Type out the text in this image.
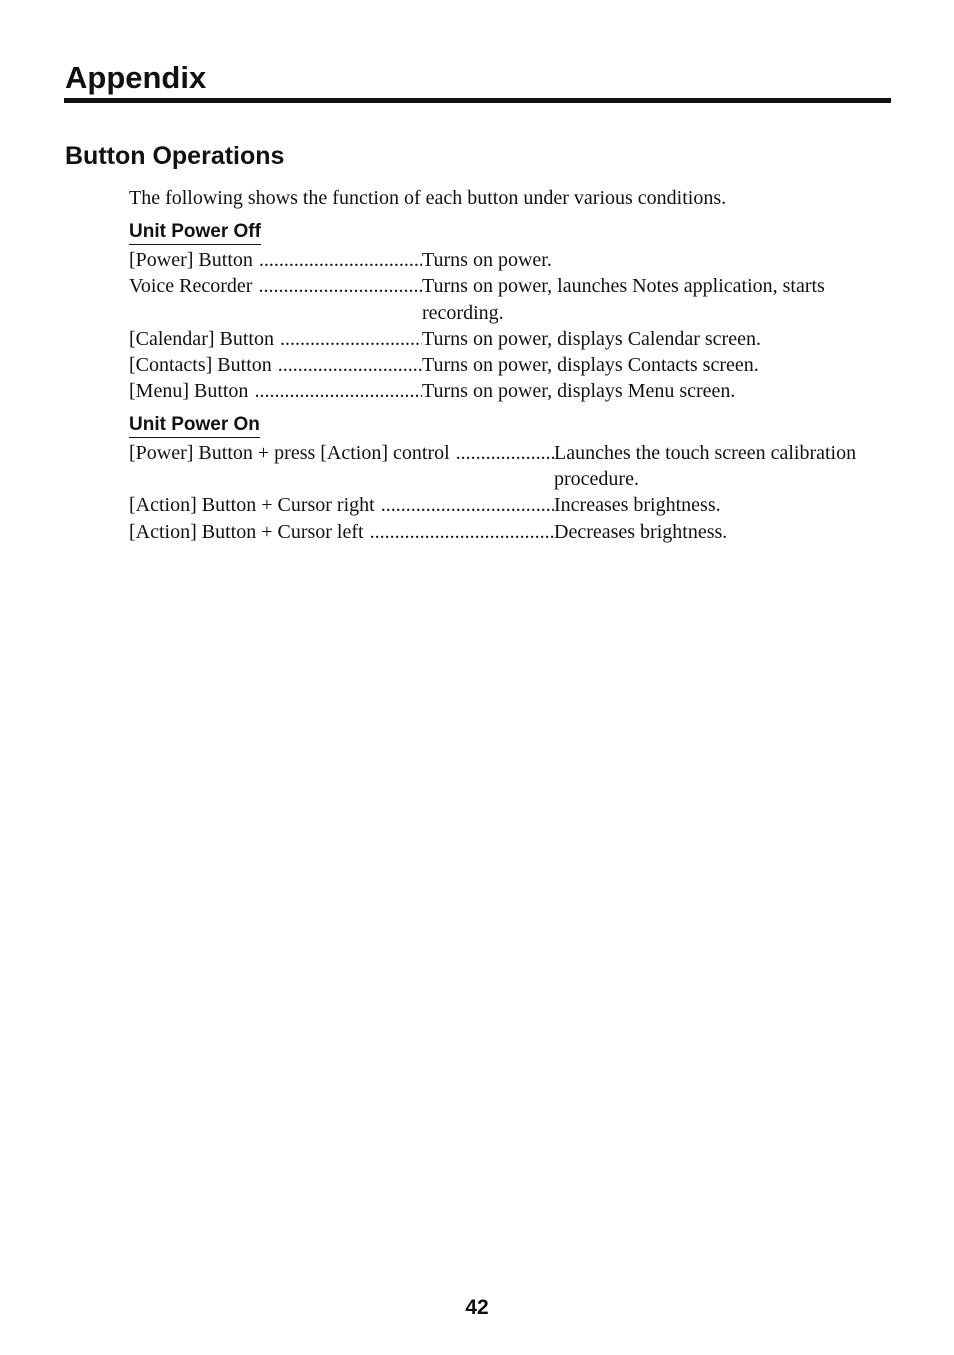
Appendix
Button Operations

The following shows the function of each button under various conditions.

Unit Power Off
[Power] Button .....	Turns on power.
Voice Recorder .....	Turns on power, launches Notes application, starts recording.
[Calendar] Button .....	Turns on power, displays Calendar screen.
[Contacts] Button .....	Turns on power, displays Contacts screen.
[Menu] Button .....	Turns on power, displays Menu screen.
Unit Power On
[Power] Button + press [Action] control .....	Launches the touch screen calibration procedure.
[Action] Button + Cursor right .....	Increases brightness.
[Action] Button + Cursor left .....	Decreases brightness.
42
